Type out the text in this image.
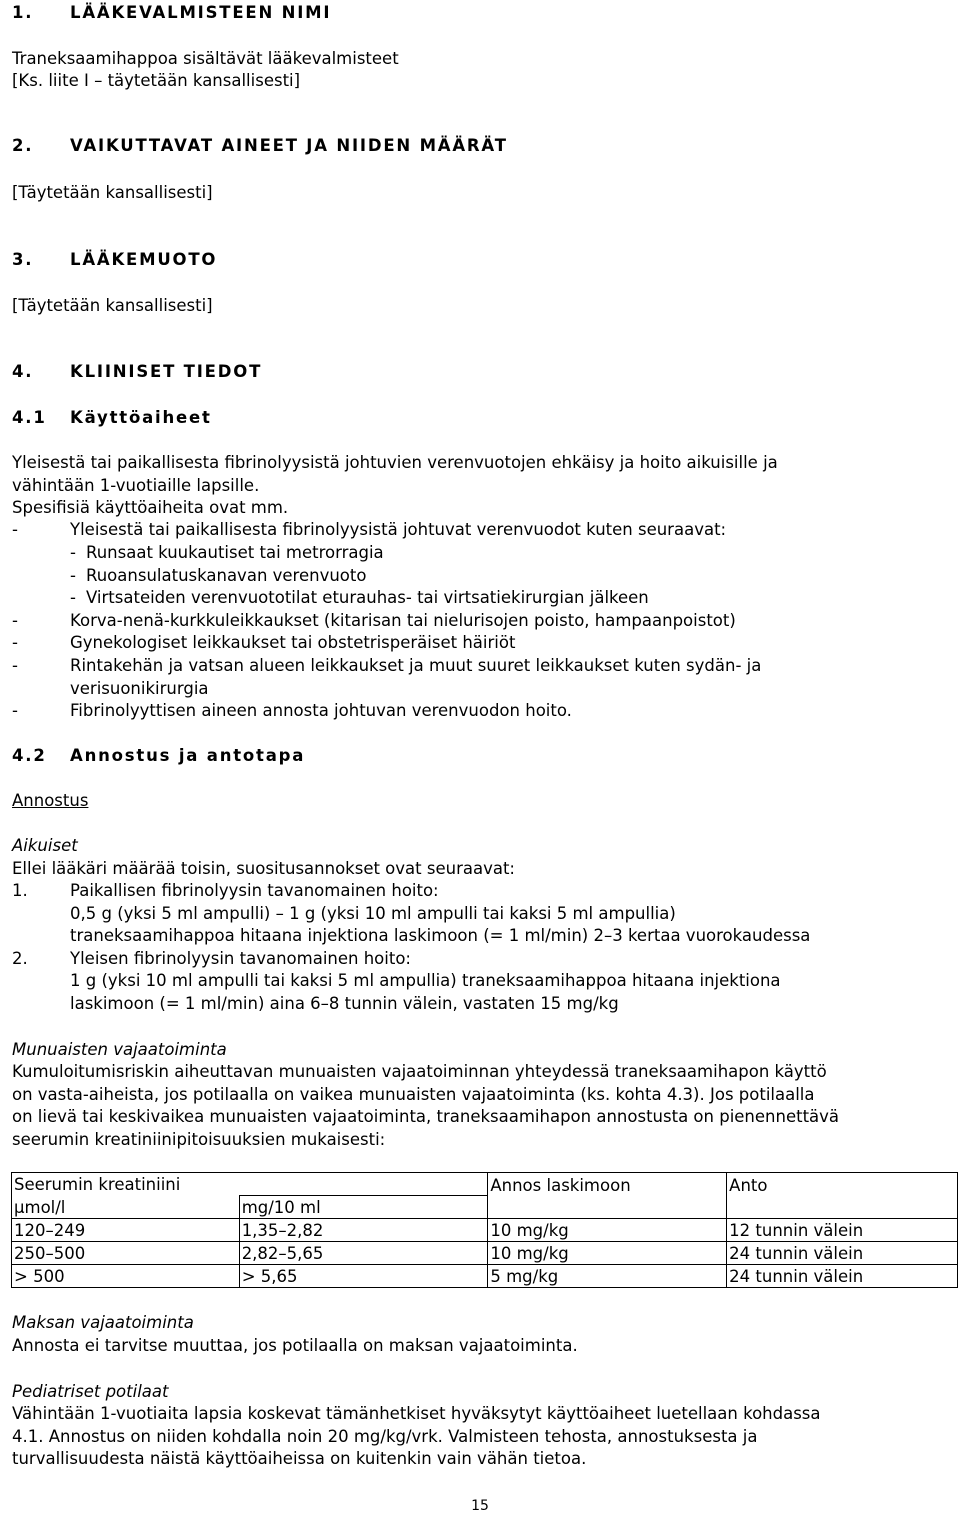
1. LÄÄKEVALMISTEEN NIMI
Traneksaamihappoa sisältävät lääkevalmisteet
[Ks. liite I – täytetään kansallisesti]
2. VAIKUTTAVAT AINEET JA NIIDEN MÄÄRÄT
[Täytetään kansallisesti]
3. LÄÄKEMUOTO
[Täytetään kansallisesti]
4. KLIINISET TIEDOT
4.1 Käyttöaiheet
Yleisestä tai paikallisesta fibrinolyysistä johtuvien verenvuotojen ehkäisy ja hoito aikuisille ja
vähintään 1-vuotiaille lapsille.
Spesifisiä käyttöaiheita ovat mm.
-	Yleisestä tai paikallisesta fibrinolyysistä johtuvat verenvuodot kuten seuraavat:
- Runsaat kuukautiset tai metrorragia
- Ruoansulatuskanavan verenvuoto
- Virtsateiden verenvuototilat eturauhas- tai virtsatiekirurgian jälkeen
-	Korva-nenä-kurkkuleikkaukset (kitarisan tai nielurisojen poisto, hampaanpoistot)
-	Gynekologiset leikkaukset tai obstetrisperäiset häiriöt
-	Rintakehän ja vatsan alueen leikkaukset ja muut suuret leikkaukset kuten sydän- ja
verisuonikirurgia
-	Fibrinolyyttisen aineen annosta johtuvan verenvuodon hoito.
4.2 Annostus ja antotapa
Annostus
Aikuiset
Ellei lääkäri määrää toisin, suositusannokset ovat seuraavat:
1.	Paikallisen fibrinolyysin tavanomainen hoito:
0,5 g (yksi 5 ml ampulli) – 1 g (yksi 10 ml ampulli tai kaksi 5 ml ampullia)
traneksaamihappoa hitaana injektiona laskimoon (= 1 ml/min) 2–3 kertaa vuorokaudessa
2.	Yleisen fibrinolyysin tavanomainen hoito:
1 g (yksi 10 ml ampulli tai kaksi 5 ml ampullia) traneksaamihappoa hitaana injektiona
laskimoon (= 1 ml/min) aina 6–8 tunnin välein, vastaten 15 mg/kg
Munuaisten vajaatoiminta
Kumuloitumisriskin aiheuttavan munuaisten vajaatoiminnan yhteydessä traneksaamihapon käyttö
on vasta-aiheista, jos potilaalla on vaikea munuaisten vajaatoiminta (ks. kohta 4.3). Jos potilaalla
on lievä tai keskivaikea munuaisten vajaatoiminta, traneksaamihapon annostusta on pienennettävä
seerumin kreatiniinipitoisuuksien mukaisesti:
Seerumin kreatiniini		Annos laskimoon	Anto
µmol/l	mg/10 ml		
120–249	1,35–2,82	10 mg/kg	12 tunnin välein
250–500	2,82–5,65	10 mg/kg	24 tunnin välein
> 500	> 5,65	5 mg/kg	24 tunnin välein
Maksan vajaatoiminta
Annosta ei tarvitse muuttaa, jos potilaalla on maksan vajaatoiminta.
Pediatriset potilaat
Vähintään 1-vuotiaita lapsia koskevat tämänhetkiset hyväksytyt käyttöaiheet luetellaan kohdassa
4.1. Annostus on niiden kohdalla noin 20 mg/kg/vrk. Valmisteen tehosta, annostuksesta ja
turvallisuudesta näistä käyttöaiheissa on kuitenkin vain vähän tietoa.
15
